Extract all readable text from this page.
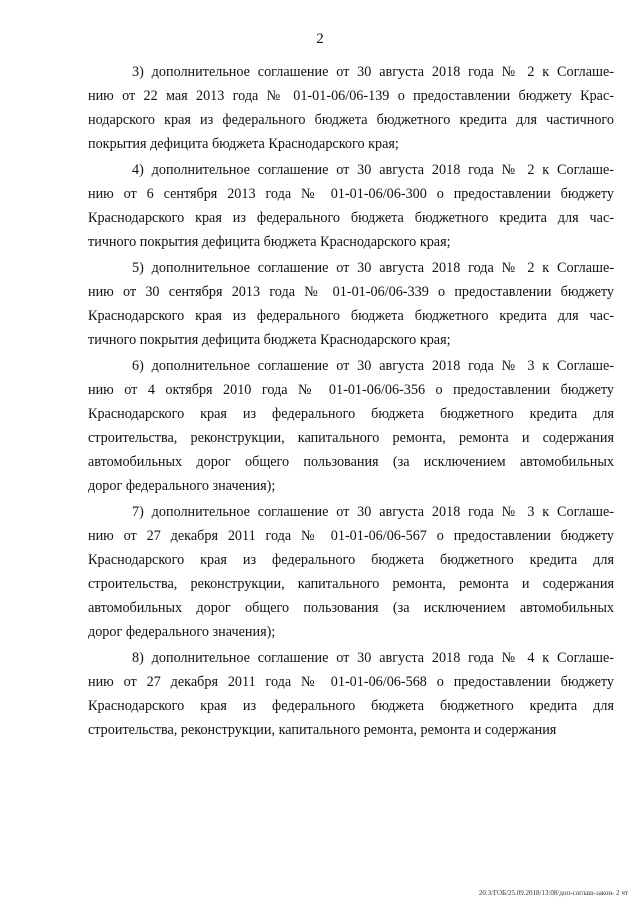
2

3) дополнительное соглашение от 30 августа 2018 года № 2 к Соглаше-
нию от 22 мая 2013 года № 01-01-06/06-139 о предоставлении бюджету Крас-
нодарского края из федерального бюджета бюджетного кредита для частичного
покрытия дефицита бюджета Краснодарского края;

4) дополнительное соглашение от 30 августа 2018 года № 2 к Соглаше-
нию от 6 сентября 2013 года № 01-01-06/06-300 о предоставлении бюджету
Краснодарского края из федерального бюджета бюджетного кредита для час-
тичного покрытия дефицита бюджета Краснодарского края;

5) дополнительное соглашение от 30 августа 2018 года № 2 к Соглаше-
нию от 30 сентября 2013 года № 01-01-06/06-339 о предоставлении бюджету
Краснодарского края из федерального бюджета бюджетного кредита для час-
тичного покрытия дефицита бюджета Краснодарского края;

6) дополнительное соглашение от 30 августа 2018 года № 3 к Соглаше-
нию от 4 октября 2010 года № 01-01-06/06-356 о предоставлении бюджету
Краснодарского края из федерального бюджета бюджетного кредита для
строительства, реконструкции, капитального ремонта, ремонта и содержания
автомобильных дорог общего пользования (за исключением автомобильных
дорог федерального значения);

7) дополнительное соглашение от 30 августа 2018 года № 3 к Соглаше-
нию от 27 декабря 2011 года № 01-01-06/06-567 о предоставлении бюджету
Краснодарского края из федерального бюджета бюджетного кредита для
строительства, реконструкции, капитального ремонта, ремонта и содержания
автомобильных дорог общего пользования (за исключением автомобильных
дорог федерального значения);

8) дополнительное соглашение от 30 августа 2018 года № 4 к Соглаше-
нию от 27 декабря 2011 года № 01-01-06/06-568 о предоставлении бюджету
Краснодарского края из федерального бюджета бюджетного кредита для
строительства, реконструкции, капитального ремонта, ремонта и содержания

20.3/ГОБ/25.09.2018/13:08/доп-соглаш-закон- 2 чт
